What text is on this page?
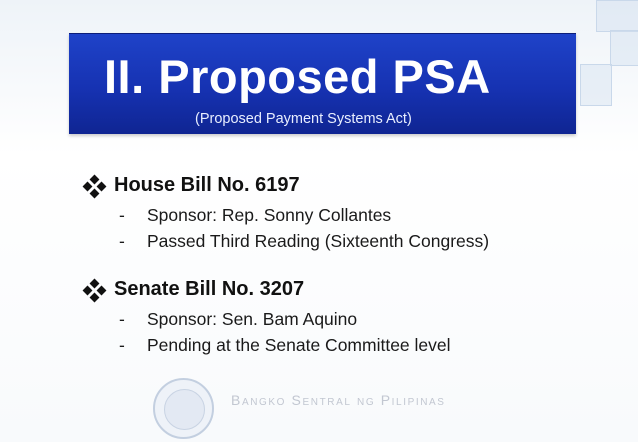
II. Proposed PSA
(Proposed Payment Systems Act)
House Bill No. 6197
- Sponsor: Rep. Sonny Collantes
- Passed Third Reading (Sixteenth Congress)
Senate Bill No. 3207
- Sponsor: Sen. Bam Aquino
- Pending at the Senate Committee level
Bangko Sentral ng Pilipinas
